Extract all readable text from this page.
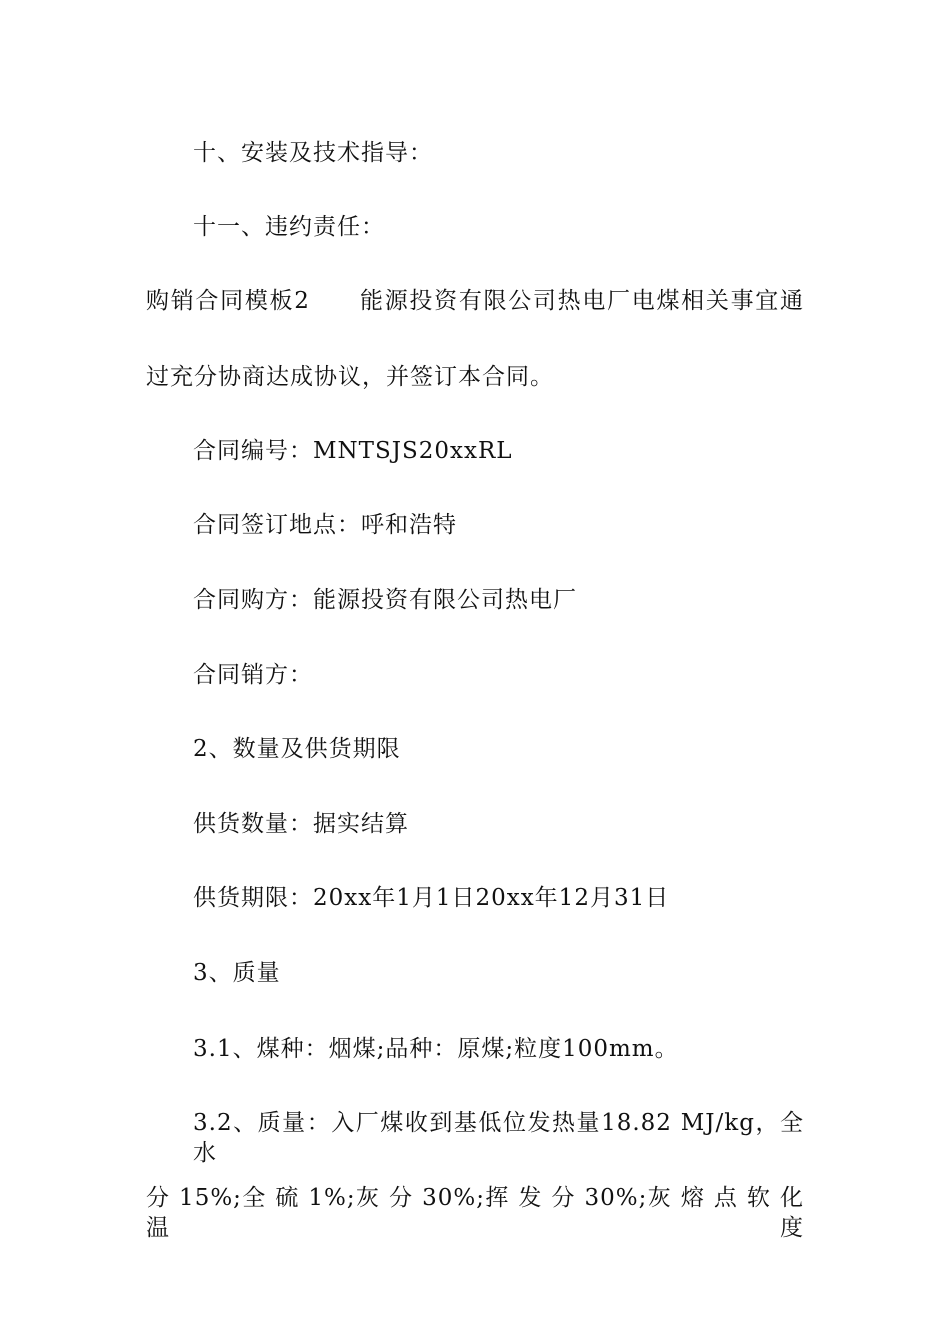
十、安装及技术指导：
十一、违约责任：
购销合同模板2　　能源投资有限公司热电厂电煤相关事宜通
过充分协商达成协议，并签订本合同。
合同编号：MNTSJS20xxRL
合同签订地点：呼和浩特
合同购方：能源投资有限公司热电厂
合同销方：
2、数量及供货期限
供货数量：据实结算
供货期限：20xx年1月1日20xx年12月31日
3、质量
3.1、煤种：烟煤;品种：原煤;粒度100mm。
3.2、质量：入厂煤收到基低位发热量18.82 MJ/kg，全水
分 15%;全 硫 1%;灰 分 30%;挥 发 分 30%;灰 熔 点 软 化 温 度
